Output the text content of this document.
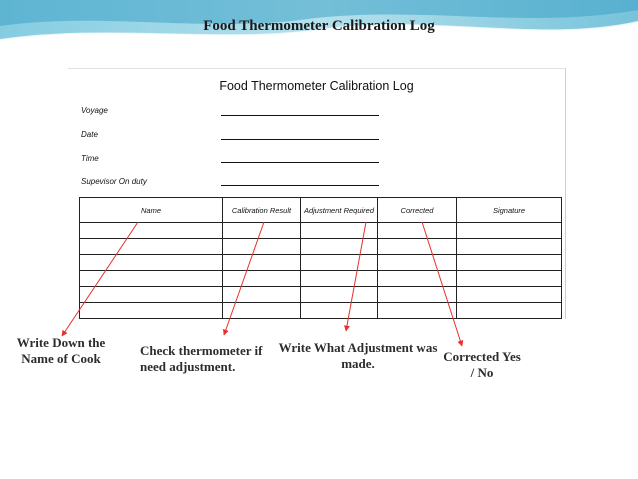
Food Thermometer Calibration Log
Food Thermometer Calibration Log
Voyage
Date
Time
Supevisor On duty
Name	Calibration Result	Adjustment Required	Corrected	Signature

Write Down the Name of Cook
Check thermometer if need adjustment.
Write What Adjustment was made.	Corrected Yes / No
